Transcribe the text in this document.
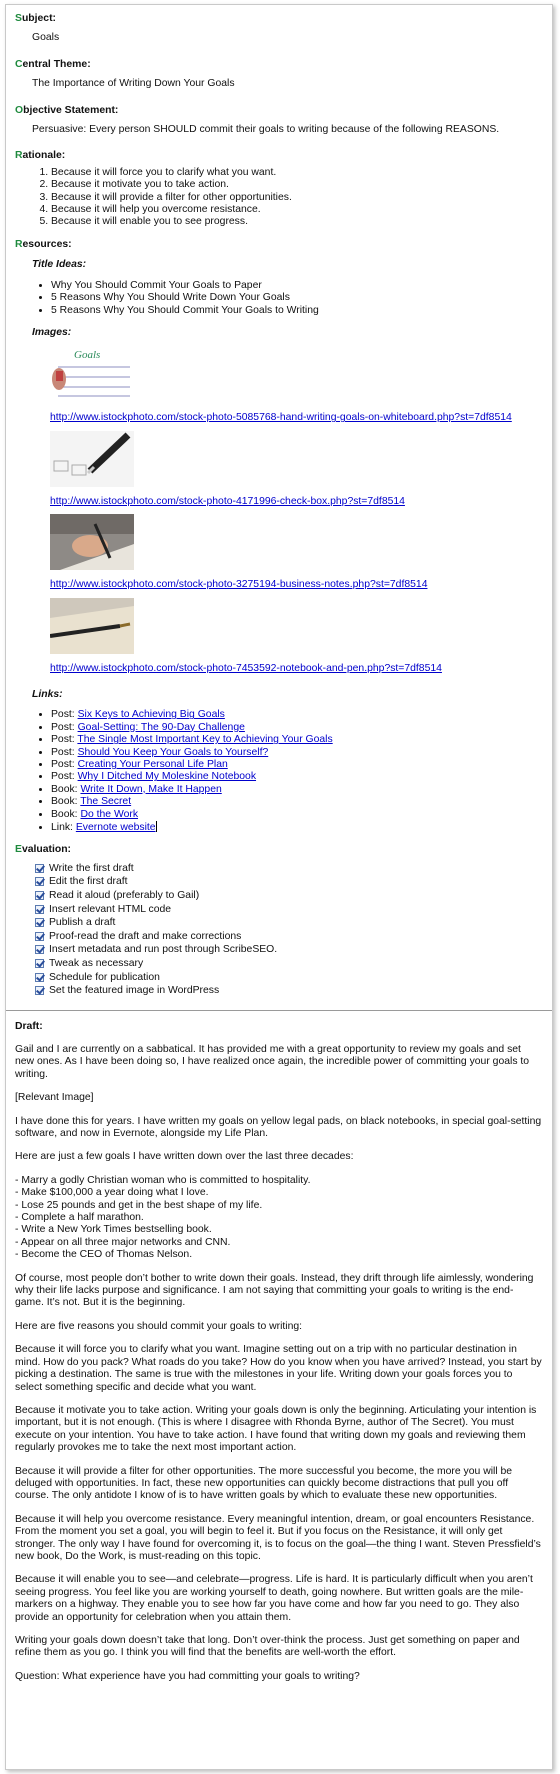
Subject:

Goals

Central Theme:

The Importance of Writing Down Your Goals

Objective Statement:

Persuasive: Every person SHOULD commit their goals to writing because of the following REASONS.

Rationale:

1. Because it will force you to clarify what you want.
2. Because it motivate you to take action.
3. Because it will provide a filter for other opportunities.
4. Because it will help you overcome resistance.
5. Because it will enable you to see progress.

Resources:

Title Ideas:

• Why You Should Commit Your Goals to Paper
• 5 Reasons Why You Should Write Down Your Goals
• 5 Reasons Why You Should Commit Your Goals to Writing

Images:

Goals
http://www.istockphoto.com/stock-photo-5085768-hand-writing-goals-on-whiteboard.php?st=7df8514
http://www.istockphoto.com/stock-photo-4171996-check-box.php?st=7df8514
http://www.istockphoto.com/stock-photo-3275194-business-notes.php?st=7df8514
http://www.istockphoto.com/stock-photo-7453592-notebook-and-pen.php?st=7df8514

Links:

• Post: Six Keys to Achieving Big Goals
• Post: Goal-Setting: The 90-Day Challenge
• Post: The Single Most Important Key to Achieving Your Goals
• Post: Should You Keep Your Goals to Yourself?
• Post: Creating Your Personal Life Plan
• Post: Why I Ditched My Moleskine Notebook
• Book: Write It Down, Make It Happen
• Book: The Secret
• Book: Do the Work
• Link: Evernote website

Evaluation:

Write the first draft
Edit the first draft
Read it aloud (preferably to Gail)
Insert relevant HTML code
Publish a draft
Proof-read the draft and make corrections
Insert metadata and run post through ScribeSEO.
Tweak as necessary
Schedule for publication
Set the featured image in WordPress

Draft:

Gail and I are currently on a sabbatical. It has provided me with a great opportunity to review my goals and set new ones. As I have been doing so, I have realized once again, the incredible power of committing your goals to writing.

[Relevant Image]

I have done this for years. I have written my goals on yellow legal pads, on black notebooks, in special goal-setting software, and now in Evernote, alongside my Life Plan.

Here are just a few goals I have written down over the last three decades:

- Marry a godly Christian woman who is committed to hospitality.
- Make $100,000 a year doing what I love.
- Lose 25 pounds and get in the best shape of my life.
- Complete a half marathon.
- Write a New York Times bestselling book.
- Appear on all three major networks and CNN.
- Become the CEO of Thomas Nelson.

Of course, most people don’t bother to write down their goals. Instead, they drift through life aimlessly, wondering why their life lacks purpose and significance. I am not saying that committing your goals to writing is the end-game. It’s not. But it is the beginning.

Here are five reasons you should commit your goals to writing:

Because it will force you to clarify what you want. Imagine setting out on a trip with no particular destination in mind. How do you pack? What roads do you take? How do you know when you have arrived? Instead, you start by picking a destination. The same is true with the milestones in your life. Writing down your goals forces you to select something specific and decide what you want.

Because it motivate you to take action. Writing your goals down is only the beginning. Articulating your intention is important, but it is not enough. (This is where I disagree with Rhonda Byrne, author of The Secret). You must execute on your intention. You have to take action. I have found that writing down my goals and reviewing them regularly provokes me to take the next most important action.

Because it will provide a filter for other opportunities. The more successful you become, the more you will be deluged with opportunities. In fact, these new opportunities can quickly become distractions that pull you off course. The only antidote I know of is to have written goals by which to evaluate these new opportunities.

Because it will help you overcome resistance. Every meaningful intention, dream, or goal encounters Resistance. From the moment you set a goal, you will begin to feel it. But if you focus on the Resistance, it will only get stronger. The only way I have found for overcoming it, is to focus on the goal—the thing I want. Steven Pressfield’s new book, Do the Work, is must-reading on this topic.

Because it will enable you to see—and celebrate—progress. Life is hard. It is particularly difficult when you aren’t seeing progress. You feel like you are working yourself to death, going nowhere. But written goals are the mile-markers on a highway. They enable you to see how far you have come and how far you need to go. They also provide an opportunity for celebration when you attain them.

Writing your goals down doesn’t take that long. Don’t over-think the process. Just get something on paper and refine them as you go. I think you will find that the benefits are well-worth the effort.

Question: What experience have you had committing your goals to writing?
